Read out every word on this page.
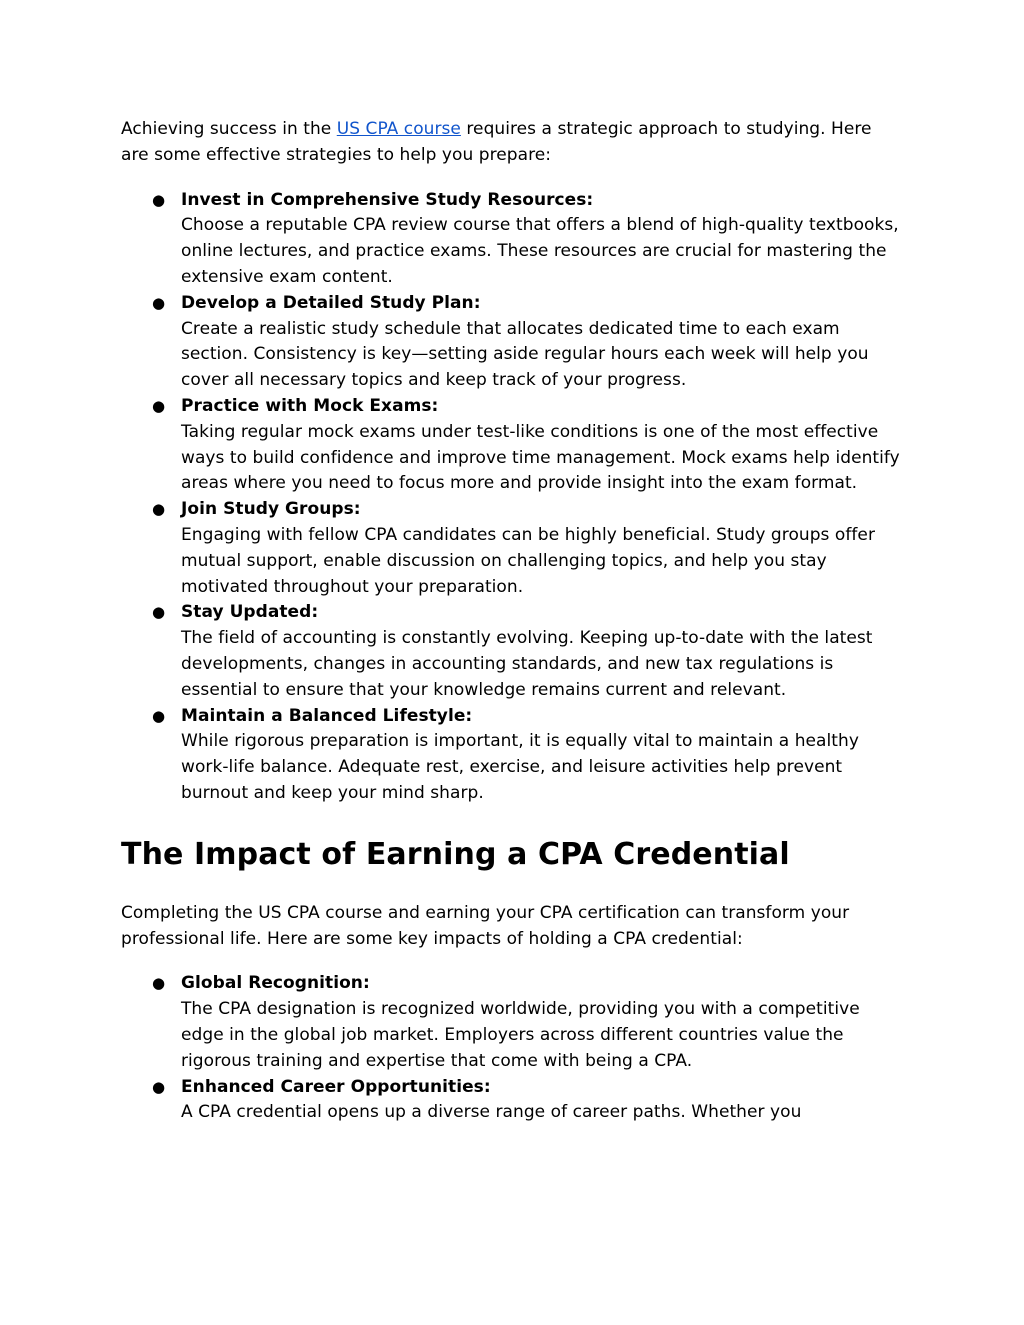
Achieving success in the US CPA course requires a strategic approach to studying. Here are some effective strategies to help you prepare:

● Invest in Comprehensive Study Resources:
Choose a reputable CPA review course that offers a blend of high-quality textbooks, online lectures, and practice exams. These resources are crucial for mastering the extensive exam content.
● Develop a Detailed Study Plan:
Create a realistic study schedule that allocates dedicated time to each exam section. Consistency is key—setting aside regular hours each week will help you cover all necessary topics and keep track of your progress.
● Practice with Mock Exams:
Taking regular mock exams under test-like conditions is one of the most effective ways to build confidence and improve time management. Mock exams help identify areas where you need to focus more and provide insight into the exam format.
● Join Study Groups:
Engaging with fellow CPA candidates can be highly beneficial. Study groups offer mutual support, enable discussion on challenging topics, and help you stay motivated throughout your preparation.
● Stay Updated:
The field of accounting is constantly evolving. Keeping up-to-date with the latest developments, changes in accounting standards, and new tax regulations is essential to ensure that your knowledge remains current and relevant.
● Maintain a Balanced Lifestyle:
While rigorous preparation is important, it is equally vital to maintain a healthy work-life balance. Adequate rest, exercise, and leisure activities help prevent burnout and keep your mind sharp.
The Impact of Earning a CPA Credential

Completing the US CPA course and earning your CPA certification can transform your professional life. Here are some key impacts of holding a CPA credential:

● Global Recognition:
The CPA designation is recognized worldwide, providing you with a competitive edge in the global job market. Employers across different countries value the rigorous training and expertise that come with being a CPA.
● Enhanced Career Opportunities:
A CPA credential opens up a diverse range of career paths. Whether you
